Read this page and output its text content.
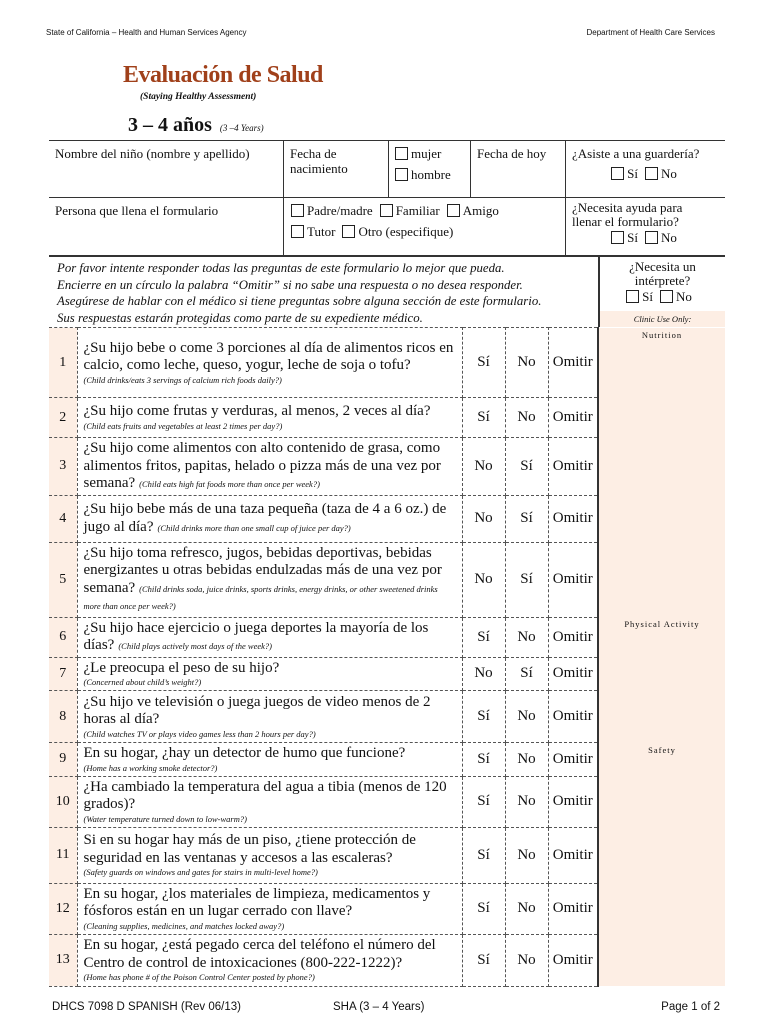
State of California – Health and Human Services Agency	Department of Health Care Services
Evaluación de Salud
(Staying Healthy Assessment)
3 – 4 años (3 –4 Years)
Nombre del niño (nombre y apellido)	Fecha de nacimiento
mujer
hombre
Fecha de hoy	¿Asiste a una guardería?
Sí No
Persona que llena el formulario	Padre/madre Familiar Amigo
Tutor Otro (especifique)
¿Necesita ayuda para llenar el formulario?
Sí No
Por favor intente responder todas las preguntas de este formulario lo mejor que pueda.
Encierre en un círculo la palabra “Omitir” si no sabe una respuesta o no desea responder.
Asegúrese de hablar con el médico si tiene preguntas sobre alguna sección de este formulario.
Sus respuestas estarán protegidas como parte de su expediente médico.
¿Necesita un intérprete?
Sí No
Clinic Use Only:
1	¿Su hijo bebe o come 3 porciones al día de alimentos ricos en calcio, como leche, queso, yogur, leche de soja o tofu?
(Child drinks/eats 3 servings of calcium rich foods daily?)	Sí	No	Omitir	Nutrition
2	¿Su hijo come frutas y verduras, al menos, 2 veces al día?
(Child eats fruits and vegetables at least 2 times per day?)	Sí	No	Omitir	
3	¿Su hijo come alimentos con alto contenido de grasa, como alimentos fritos, papitas, helado o pizza más de una vez por semana? (Child eats high fat foods more than once per week?)	No	Sí	Omitir	
4	¿Su hijo bebe más de una taza pequeña (taza de 4 a 6 oz.) de jugo al día? (Child drinks more than one small cup of juice per day?)	No	Sí	Omitir	
5	¿Su hijo toma refresco, jugos, bebidas deportivas, bebidas energizantes u otras bebidas endulzadas más de una vez por semana? (Child drinks soda, juice drinks, sports drinks, energy drinks, or other sweetened drinks more than once per week?)	No	Sí	Omitir	
6	¿Su hijo hace ejercicio o juega deportes la mayoría de los días? (Child plays actively most days of the week?)	Sí	No	Omitir	Physical Activity
7	¿Le preocupa el peso de su hijo?
(Concerned about child’s weight?)	No	Sí	Omitir	
8	¿Su hijo ve televisión o juega juegos de video menos de 2 horas al día?
(Child watches TV or plays video games less than 2 hours per day?)	Sí	No	Omitir	
9	En su hogar, ¿hay un detector de humo que funcione?
(Home has a working smoke detector?)	Sí	No	Omitir	Safety
10	¿Ha cambiado la temperatura del agua a tibia (menos de 120 grados)?
(Water temperature turned down to low-warm?)	Sí	No	Omitir	
11	Si en su hogar hay más de un piso, ¿tiene protección de seguridad en las ventanas y accesos a las escaleras?
(Safety guards on windows and gates for stairs in multi-level home?)	Sí	No	Omitir	
12	En su hogar, ¿los materiales de limpieza, medicamentos y fósforos están en un lugar cerrado con llave?
(Cleaning supplies, medicines, and matches locked away?)	Sí	No	Omitir	
13	En su hogar, ¿está pegado cerca del teléfono el número del Centro de control de intoxicaciones (800-222-1222)?
(Home has phone # of the Poison Control Center posted by phone?)	Sí	No	Omitir	
DHCS 7098 D SPANISH (Rev 06/13)	SHA (3 – 4 Years)	Page 1 of 2
